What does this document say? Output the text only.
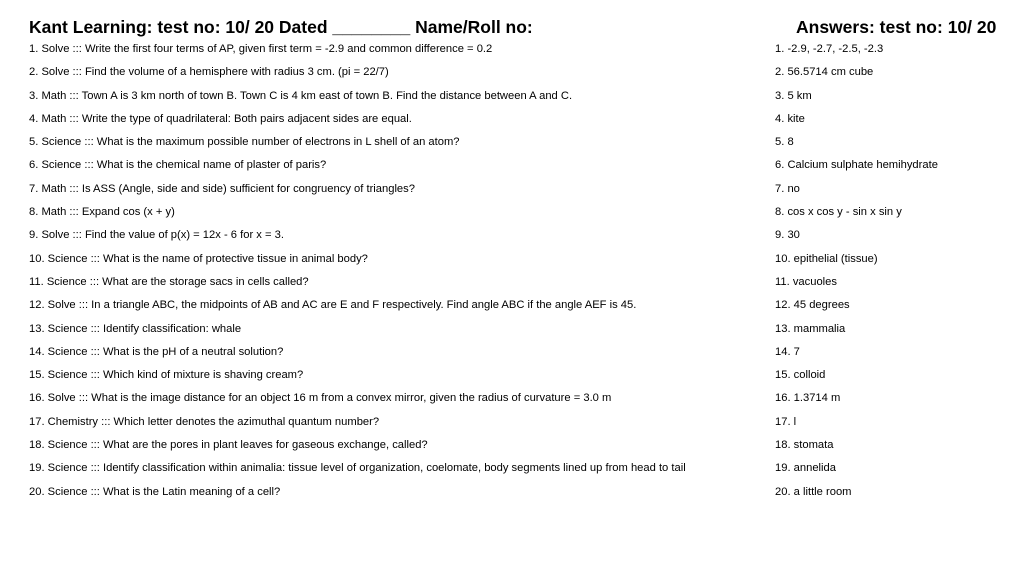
Kant Learning: test no: 10/ 20 Dated ________ Name/Roll no:	Answers: test no: 10/ 20
1. Solve ::: Write the first four terms of AP, given first term = -2.9 and common difference = 0.2
2. Solve ::: Find the volume of a hemisphere with radius 3 cm. (pi = 22/7)
3. Math ::: Town A is 3 km north of town B. Town C is 4 km east of town B. Find the distance between A and C.
4. Math ::: Write the type of quadrilateral: Both pairs adjacent sides are equal.
5. Science ::: What is the maximum possible number of electrons in L shell of an atom?
6. Science ::: What is the chemical name of plaster of paris?
7. Math ::: Is ASS (Angle, side and side) sufficient for congruency of triangles?
8. Math ::: Expand cos (x + y)
9. Solve ::: Find the value of p(x) = 12x - 6 for x = 3.
10. Science ::: What is the name of protective tissue in animal body?
11. Science ::: What are the storage sacs in cells called?
12. Solve ::: In a triangle ABC, the midpoints of AB and AC are E and F respectively. Find angle ABC if the angle AEF is 45.
13. Science ::: Identify classification: whale
14. Science ::: What is the pH of a neutral solution?
15. Science ::: Which kind of mixture is shaving cream?
16. Solve ::: What is the image distance for an object 16 m from a convex mirror, given the radius of curvature = 3.0 m
17. Chemistry ::: Which letter denotes the azimuthal quantum number?
18. Science ::: What are the pores in plant leaves for gaseous exchange, called?
19. Science ::: Identify classification within animalia: tissue level of organization, coelomate, body segments lined up from head to tail
20. Science ::: What is the Latin meaning of a cell?
1. -2.9, -2.7, -2.5, -2.3
2. 56.5714 cm cube
3. 5 km
4. kite
5. 8
6. Calcium sulphate hemihydrate
7. no
8. cos x cos y - sin x sin y
9. 30
10. epithelial (tissue)
11. vacuoles
12. 45 degrees
13. mammalia
14. 7
15. colloid
16. 1.3714 m
17. l
18. stomata
19. annelida
20. a little room
